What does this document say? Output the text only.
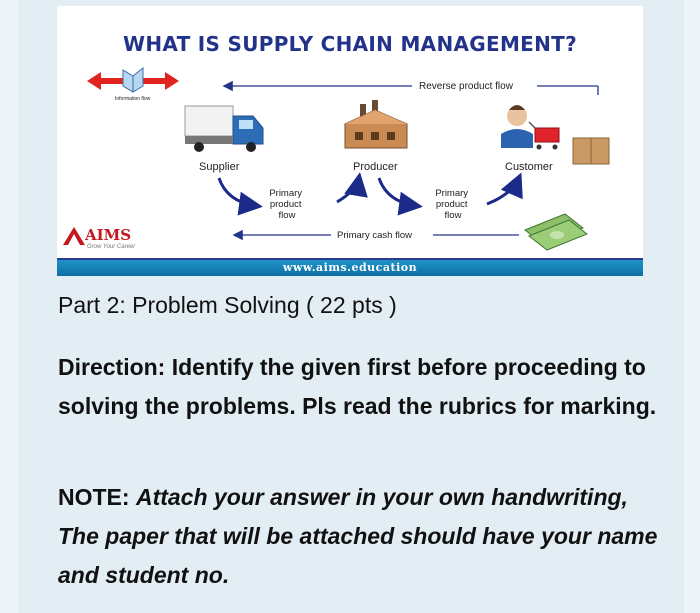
WHAT IS SUPPLY CHAIN MANAGEMENT?
Information flow
Reverse product flow
Supplier	Producer	Customer
Primary product flow
Primary product flow
Primary cash flow
AIMS
Grow Your Career
www.aims.education
Part 2: Problem Solving ( 22 pts )

Direction: Identify the given first before proceeding to solving the problems. Pls read the rubrics for marking.

NOTE: Attach your answer in your own handwriting, The paper that will be attached should have your name and student no.
